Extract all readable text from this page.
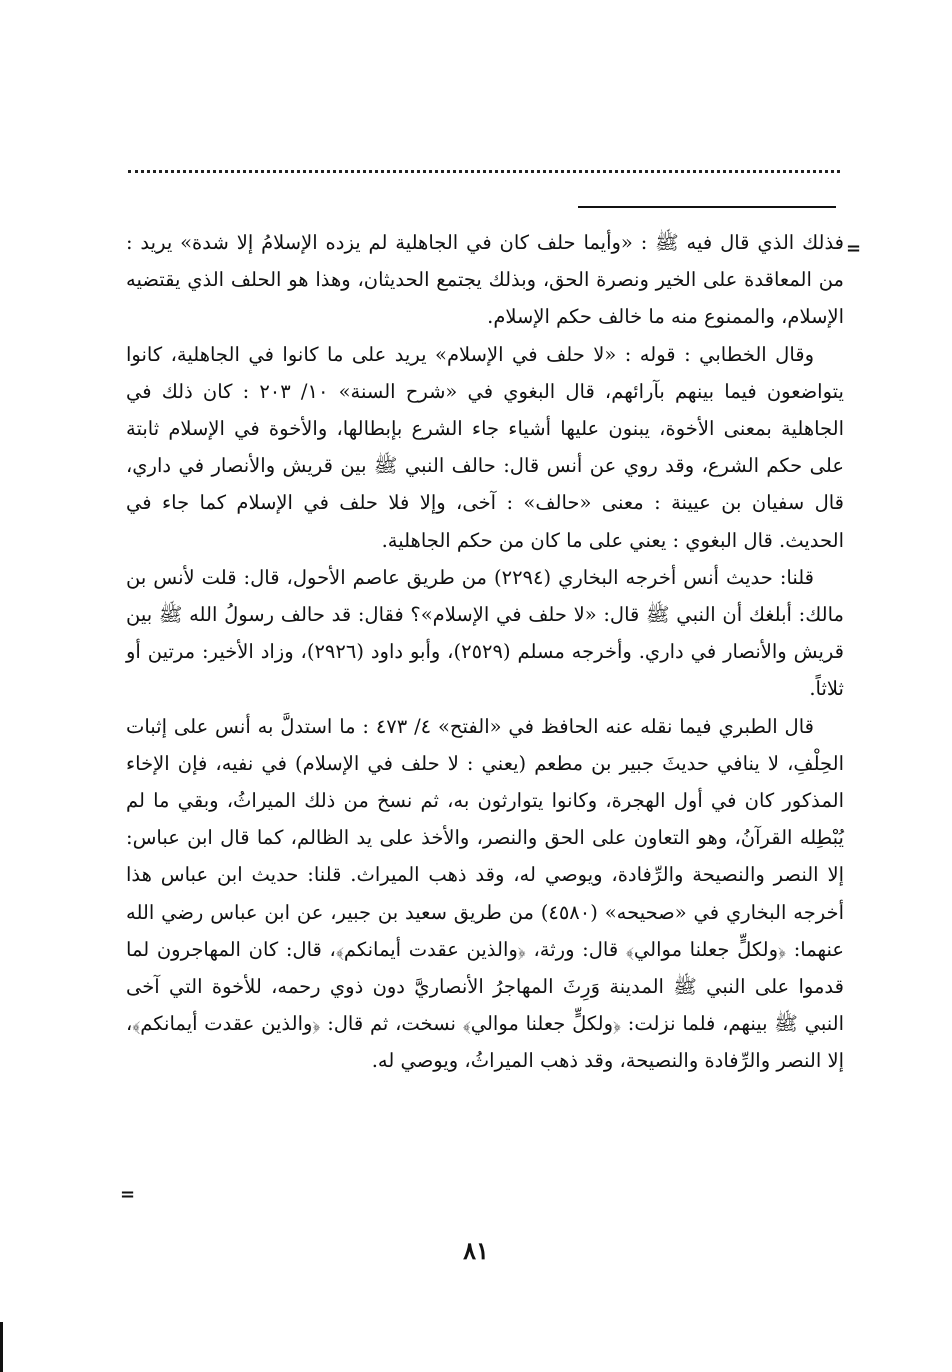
=

فذلك الذي قال فيه ﷺ : «وأيما حلف كان في الجاهلية لم يزده الإسلامُ إلا شدة» يريد : من المعاقدة على الخير ونصرة الحق، وبذلك يجتمع الحديثان، وهذا هو الحلف الذي يقتضيه الإسلام، والممنوع منه ما خالف حكم الإسلام.

وقال الخطابي : قوله : «لا حلف في الإسلام» يريد على ما كانوا في الجاهلية، كانوا يتواضعون فيما بينهم بآرائهم، قال البغوي في «شرح السنة» ١٠/ ٢٠٣ : كان ذلك في الجاهلية بمعنى الأخوة، يبنون عليها أشياء جاء الشرع بإبطالها، والأخوة في الإسلام ثابتة على حكم الشرع، وقد روي عن أنس قال: حالف النبي ﷺ بين قريش والأنصار في داري، قال سفيان بن عيينة : معنى «حالف» : آخى، وإلا فلا حلف في الإسلام كما جاء في الحديث. قال البغوي : يعني على ما كان من حكم الجاهلية.

قلنا: حديث أنس أخرجه البخاري (٢٢٩٤) من طريق عاصم الأحول، قال: قلت لأنس بن مالك: أبلغك أن النبي ﷺ قال: «لا حلف في الإسلام»؟ فقال: قد حالف رسولُ الله ﷺ بين قريش والأنصار في داري. وأخرجه مسلم (٢٥٢٩)، وأبو داود (٢٩٢٦)، وزاد الأخير: مرتين أو ثلاثاً.

قال الطبري فيما نقله عنه الحافظ في «الفتح» ٤/ ٤٧٣ : ما استدلَّ به أنس على إثبات الحِلْفِ، لا ينافي حديثَ جبير بن مطعم (يعني : لا حلف في الإسلام) في نفيه، فإن الإخاء المذكور كان في أول الهجرة، وكانوا يتوارثون به، ثم نسخ من ذلك الميراثُ، وبقي ما لم يُبْطِله القرآنُ، وهو التعاون على الحق والنصر، والأخذ على يد الظالم، كما قال ابن عباس: إلا النصر والنصيحة والرِّفادة، ويوصي له، وقد ذهب الميراث. قلنا: حديث ابن عباس هذا أخرجه البخاري في «صحيحه» (٤٥٨٠) من طريق سعيد بن جبير، عن ابن عباس رضي الله عنهما: ﴿ولكلٍّ جعلنا موالي﴾ قال: ورثة، ﴿والذين عقدت أيمانكم﴾، قال: كان المهاجرون لما قدموا على النبي ﷺ المدينة وَرِثَ المهاجرُ الأنصاريَّ دون ذوي رحمه، للأخوة التي آخى النبي ﷺ بينهم، فلما نزلت: ﴿ولكلٍّ جعلنا موالي﴾ نسخت، ثم قال: ﴿والذين عقدت أيمانكم﴾، إلا النصر والرِّفادة والنصيحة، وقد ذهب الميراثُ، ويوصي له.

=
٨١
